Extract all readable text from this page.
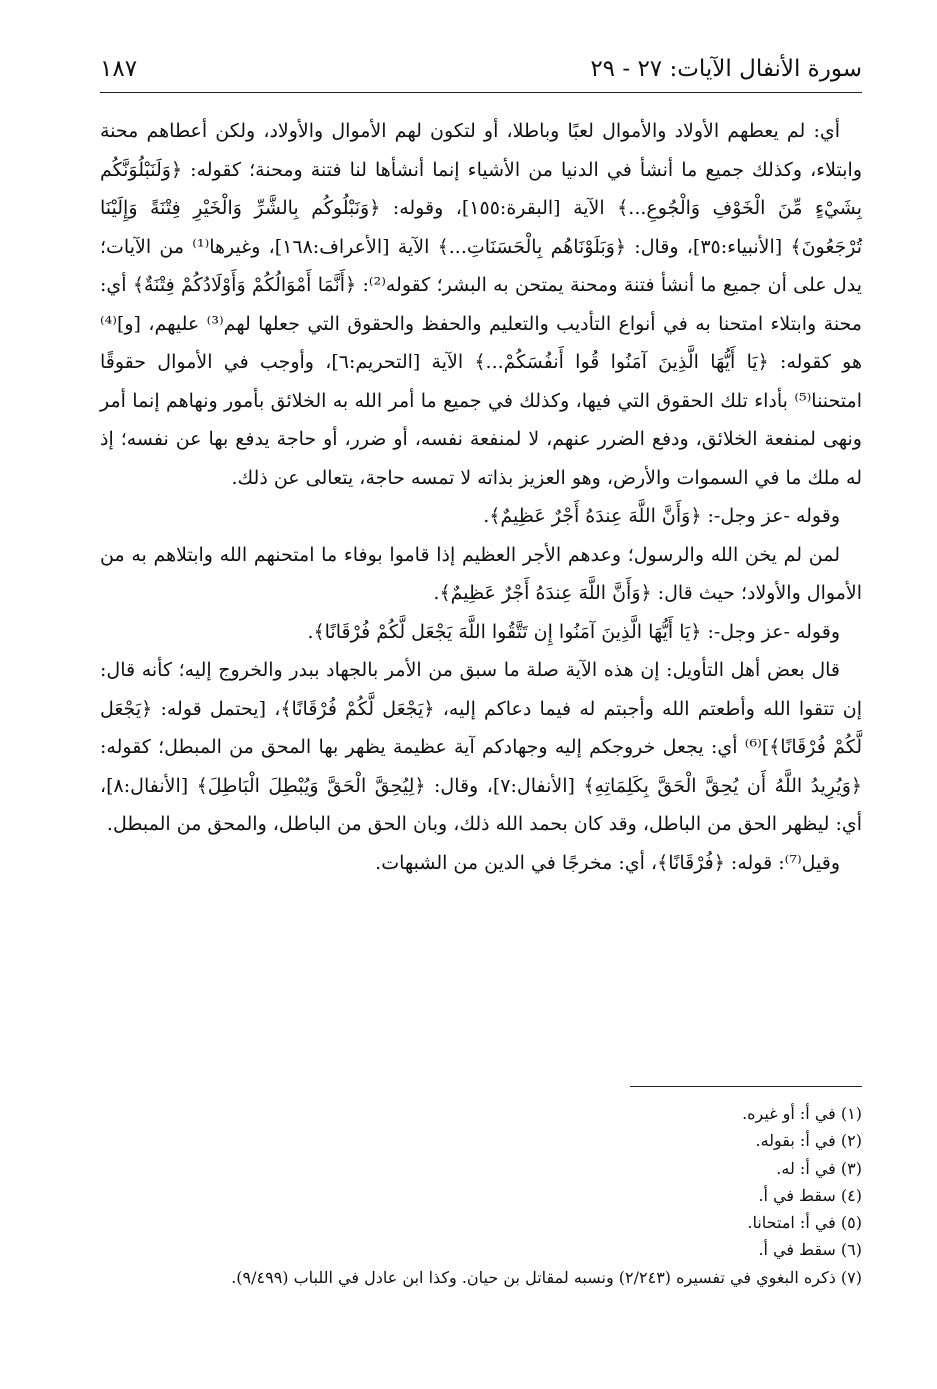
سورة الأنفال الآيات: ٢٧ - ٢٩
١٨٧

أي: لم يعطهم الأولاد والأموال لعبًا وباطلا، أو لتكون لهم الأموال والأولاد، ولكن أعطاهم محنة وابتلاء، وكذلك جميع ما أنشأ في الدنيا من الأشياء إنما أنشأها لنا فتنة ومحنة؛ كقوله: ﴿وَلَنَبْلُوَنَّكُم بِشَيْءٍ مِّنَ الْخَوْفِ وَالْجُوعِ...﴾ الآية [البقرة:١٥٥]، وقوله: ﴿وَنَبْلُوكُم بِالشَّرِّ وَالْخَيْرِ فِتْنَةً وَإِلَيْنَا تُرْجَعُونَ﴾ [الأنبياء:٣٥]، وقال: ﴿وَبَلَوْنَاهُم بِالْحَسَنَاتِ...﴾ الآية [الأعراف:١٦٨]، وغيرها⁽¹⁾ من الآيات؛ يدل على أن جميع ما أنشأ فتنة ومحنة يمتحن به البشر؛ كقوله⁽²⁾: ﴿أَنَّمَا أَمْوَالُكُمْ وَأَوْلَادُكُمْ فِتْنَةٌ﴾ أي: محنة وابتلاء امتحنا به في أنواع التأديب والتعليم والحفظ والحقوق التي جعلها لهم⁽³⁾ عليهم، [و]⁽⁴⁾ هو كقوله: ﴿يَا أَيُّهَا الَّذِينَ آمَنُوا قُوا أَنفُسَكُمْ...﴾ الآية [التحريم:٦]، وأوجب في الأموال حقوقًا امتحننا⁽⁵⁾ بأداء تلك الحقوق التي فيها، وكذلك في جميع ما أمر الله به الخلائق بأمور ونهاهم إنما أمر ونهى لمنفعة الخلائق، ودفع الضرر عنهم، لا لمنفعة نفسه، أو ضرر، أو حاجة يدفع بها عن نفسه؛ إذ له ملك ما في السموات والأرض، وهو العزيز بذاته لا تمسه حاجة، يتعالى عن ذلك.

وقوله -عز وجل-: ﴿وَأَنَّ اللَّهَ عِندَهُ أَجْرٌ عَظِيمٌ﴾.

لمن لم يخن الله والرسول؛ وعدهم الأجر العظيم إذا قاموا بوفاء ما امتحنهم الله وابتلاهم به من الأموال والأولاد؛ حيث قال: ﴿وَأَنَّ اللَّهَ عِندَهُ أَجْرٌ عَظِيمٌ﴾.

وقوله -عز وجل-: ﴿يَا أَيُّهَا الَّذِينَ آمَنُوا إِن تَتَّقُوا اللَّهَ يَجْعَل لَّكُمْ فُرْقَانًا﴾.

قال بعض أهل التأويل: إن هذه الآية صلة ما سبق من الأمر بالجهاد ببدر والخروج إليه؛ كأنه قال: إن تتقوا الله وأطعتم الله وأجبتم له فيما دعاكم إليه، ﴿يَجْعَل لَّكُمْ فُرْقَانًا﴾، [يحتمل قوله: ﴿يَجْعَل لَّكُمْ فُرْقَانًا﴾]⁽⁶⁾ أي: يجعل خروجكم إليه وجهادكم آية عظيمة يظهر بها المحق من المبطل؛ كقوله: ﴿وَيُرِيدُ اللَّهُ أَن يُحِقَّ الْحَقَّ بِكَلِمَاتِهِ﴾ [الأنفال:٧]، وقال: ﴿لِيُحِقَّ الْحَقَّ وَيُبْطِلَ الْبَاطِلَ﴾ [الأنفال:٨]، أي: ليظهر الحق من الباطل، وقد كان بحمد الله ذلك، وبان الحق من الباطل، والمحق من المبطل.

وقيل⁽⁷⁾: قوله: ﴿فُرْقَانًا﴾، أي: مخرجًا في الدين من الشبهات.

(١) في أ: أو غيره.

(٢) في أ: بقوله.

(٣) في أ: له.

(٤) سقط في أ.

(٥) في أ: امتحانا.

(٦) سقط في أ.

(٧) ذكره البغوي في تفسيره (٢/٢٤٣) ونسبه لمقاتل بن حيان. وكذا ابن عادل في اللباب (٩/٤٩٩).
